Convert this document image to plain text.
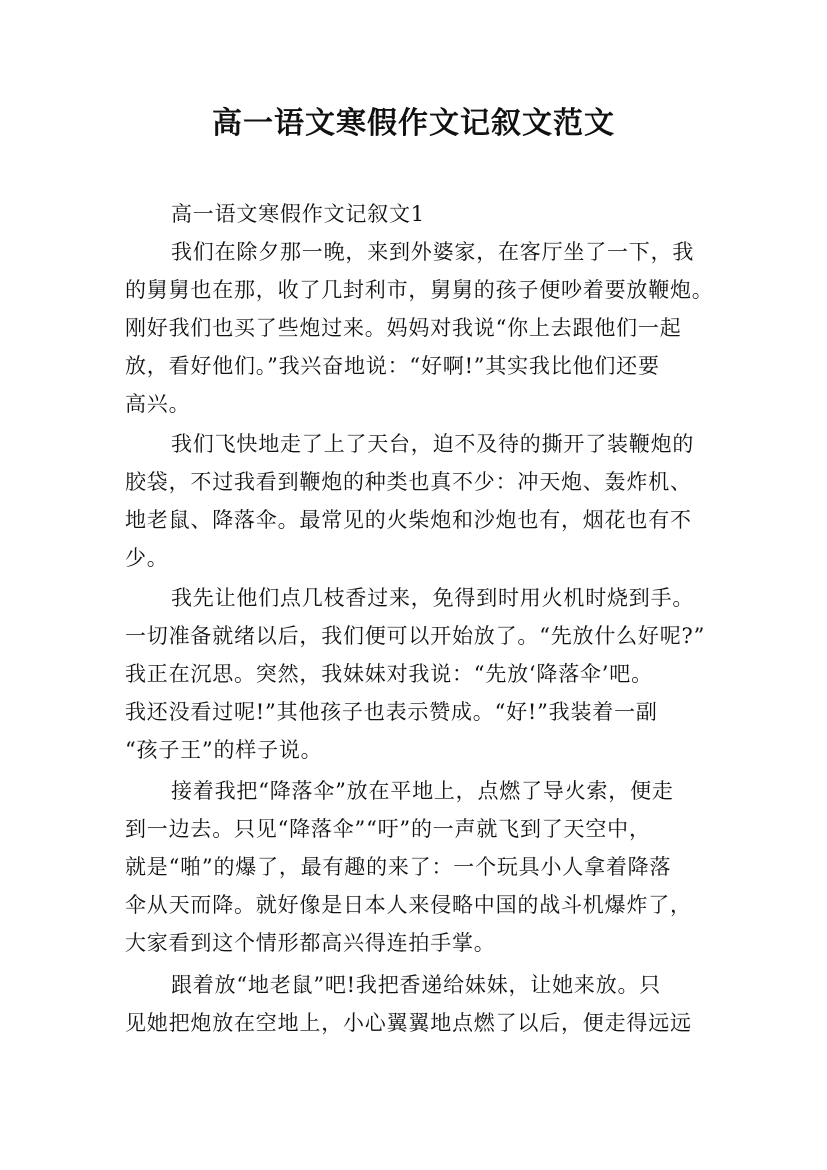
高一语文寒假作文记叙文范文
高一语文寒假作文记叙文1
我们在除夕那一晚，来到外婆家，在客厅坐了一下，我
的舅舅也在那，收了几封利市，舅舅的孩子便吵着要放鞭炮。
刚好我们也买了些炮过来。妈妈对我说“你上去跟他们一起
放，看好他们。”我兴奋地说：“好啊!”其实我比他们还要
高兴。
我们飞快地走了上了天台，迫不及待的撕开了装鞭炮的
胶袋，不过我看到鞭炮的种类也真不少：冲天炮、轰炸机、
地老鼠、降落伞。最常见的火柴炮和沙炮也有，烟花也有不
少。
我先让他们点几枝香过来，免得到时用火机时烧到手。
一切准备就绪以后，我们便可以开始放了。“先放什么好呢?”
我正在沉思。突然，我妹妹对我说：“先放‘降落伞’吧。
我还没看过呢!”其他孩子也表示赞成。“好!”我装着一副
“孩子王”的样子说。
接着我把“降落伞”放在平地上，点燃了导火索，便走
到一边去。只见“降落伞”“吁”的一声就飞到了天空中，
就是“啪”的爆了，最有趣的来了：一个玩具小人拿着降落
伞从天而降。就好像是日本人来侵略中国的战斗机爆炸了，
大家看到这个情形都高兴得连拍手掌。
跟着放“地老鼠”吧!我把香递给妹妹，让她来放。只
见她把炮放在空地上，小心翼翼地点燃了以后，便走得远远
